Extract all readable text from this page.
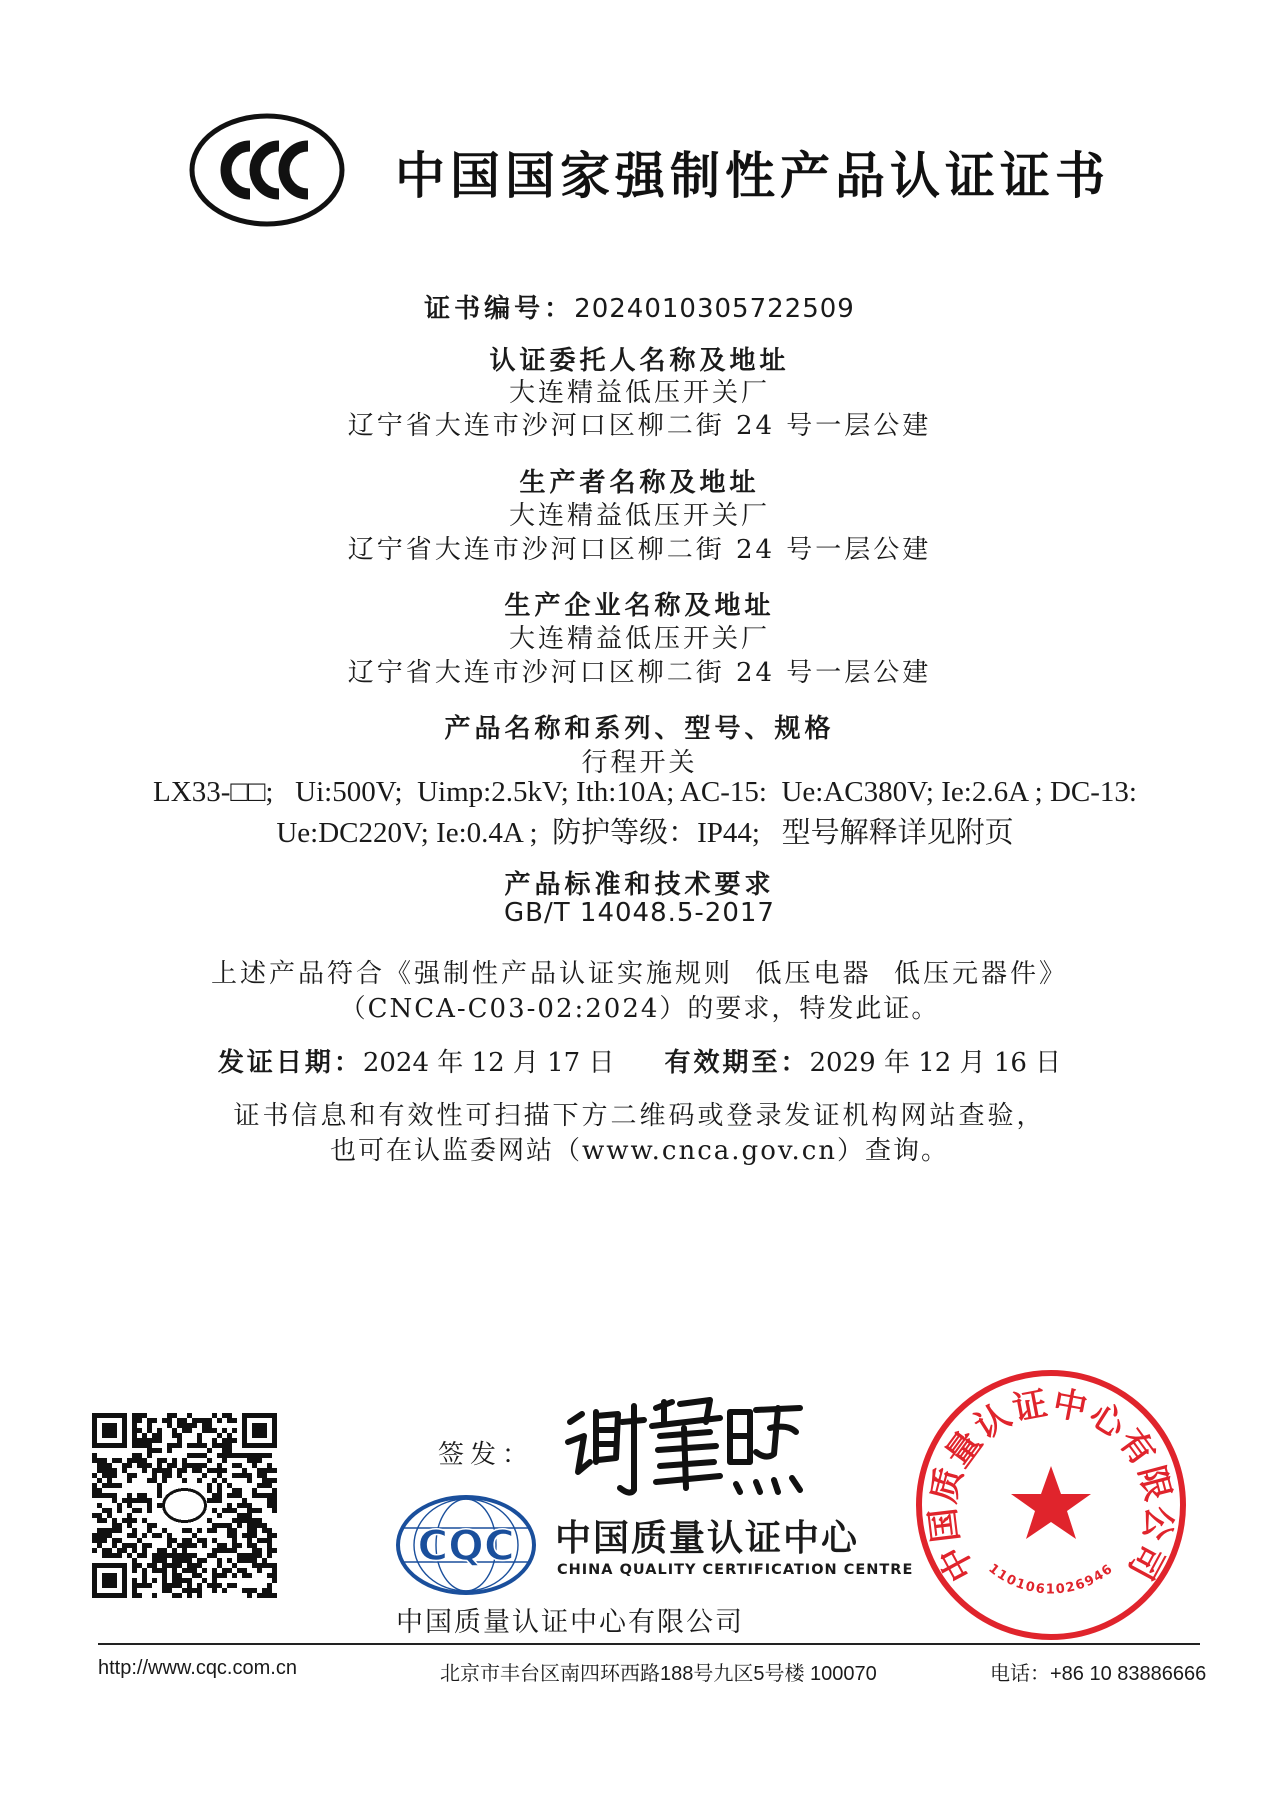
中国国家强制性产品认证证书
证书编号：2024010305722509
认证委托人名称及地址
大连精益低压开关厂
辽宁省大连市沙河口区柳二街 24 号一层公建
生产者名称及地址
大连精益低压开关厂
辽宁省大连市沙河口区柳二街 24 号一层公建
生产企业名称及地址
大连精益低压开关厂
辽宁省大连市沙河口区柳二街 24 号一层公建
产品名称和系列、型号、规格
行程开关
LX33-□□;   Ui:500V;  Uimp:2.5kV; Ith:10A; AC-15:  Ue:AC380V; Ie:2.6A ; DC-13:
Ue:DC220V; Ie:0.4A ;  防护等级：IP44;   型号解释详见附页
产品标准和技术要求
GB/T 14048.5-2017
上述产品符合《强制性产品认证实施规则  低压电器  低压元器件》
（CNCA-C03-02:2024）的要求，特发此证。
发证日期：2024 年 12 月 17 日 有效期至：2029 年 12 月 16 日
证书信息和有效性可扫描下方二维码或登录发证机构网站查验，
也可在认监委网站（www.cnca.gov.cn）查询。
签发：
CQC 中国质量认证中心
CHINA QUALITY CERTIFICATION CENTRE
中国质量认证中心有限公司
中国质量认证中心有限公司
1101061026946
http://www.cqc.com.cn	北京市丰台区南四环西路188号九区5号楼 100070	电话：+86 10 83886666
